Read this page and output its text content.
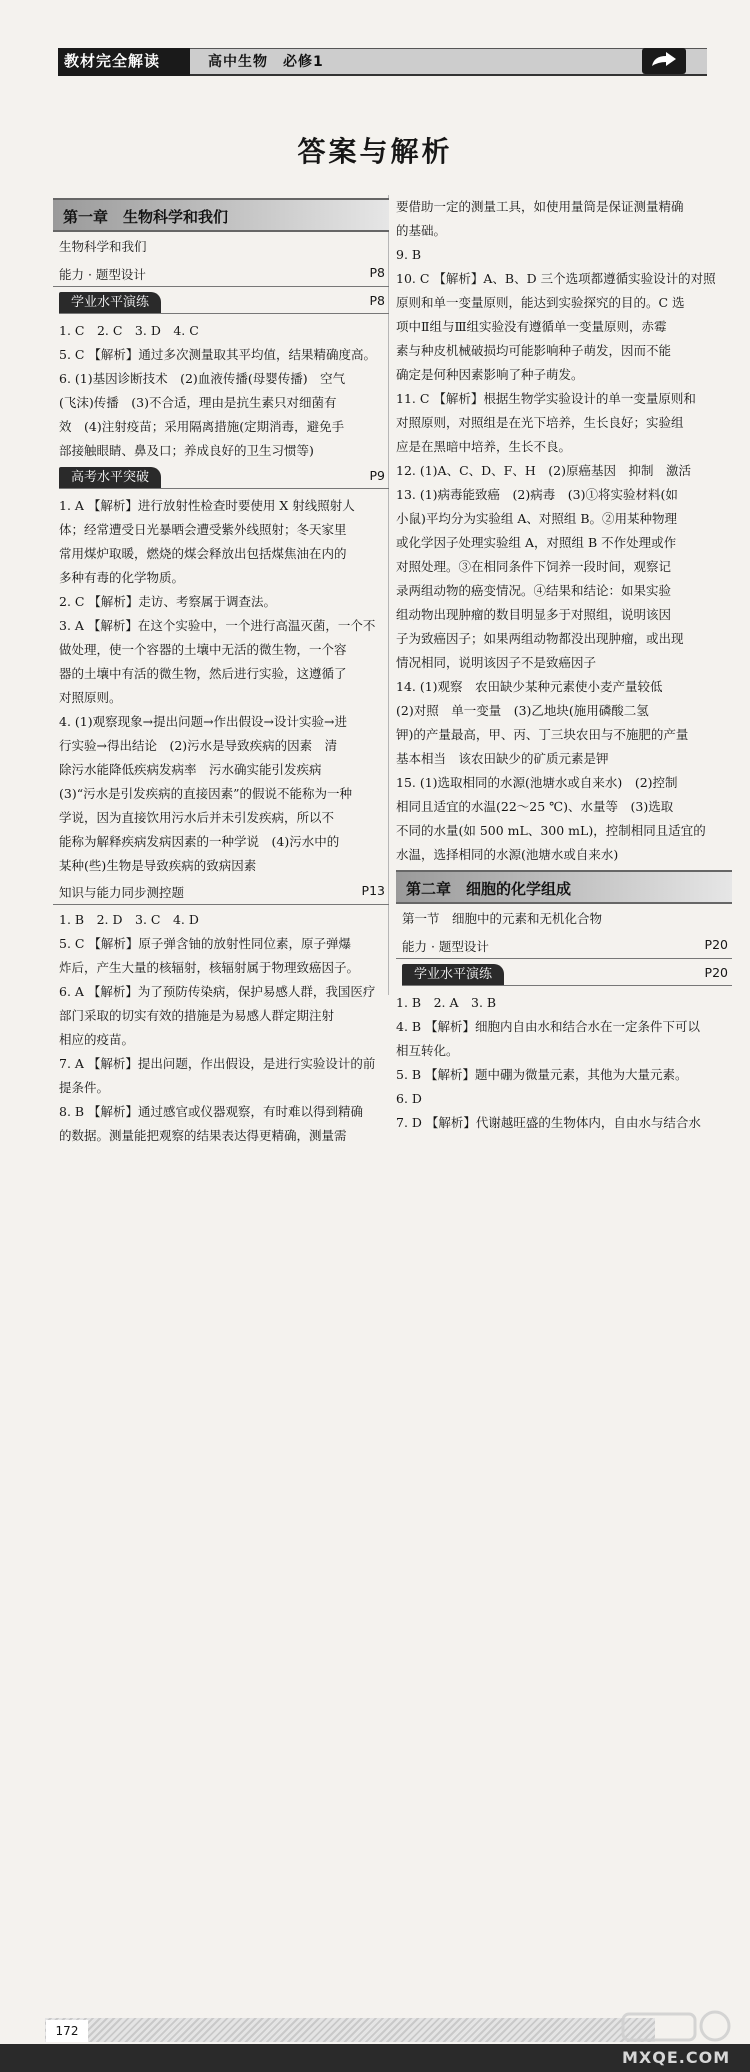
教材完全解读	高中生物　必修1
答案与解析
第一章　生物科学和我们
生物科学和我们
能力 · 题型设计	P8
学业水平演练	P8

1. C　2. C　3. D　4. C

5. C 【解析】通过多次测量取其平均值，结果精确度高。

6. (1)基因诊断技术　(2)血液传播(母婴传播)　空气

(飞沫)传播　(3)不合适，理由是抗生素只对细菌有

效　(4)注射疫苗；采用隔离措施(定期消毒，避免手

部接触眼睛、鼻及口；养成良好的卫生习惯等)

高考水平突破	P9

1. A 【解析】进行放射性检查时要使用 X 射线照射人

体；经常遭受日光暴晒会遭受紫外线照射；冬天家里

常用煤炉取暖，燃烧的煤会释放出包括煤焦油在内的

多种有毒的化学物质。

2. C 【解析】走访、考察属于调查法。

3. A 【解析】在这个实验中，一个进行高温灭菌，一个不

做处理，使一个容器的土壤中无活的微生物，一个容

器的土壤中有活的微生物，然后进行实验，这遵循了

对照原则。

4. (1)观察现象→提出问题→作出假设→设计实验→进

行实验→得出结论　(2)污水是导致疾病的因素　清

除污水能降低疾病发病率　污水确实能引发疾病

(3)“污水是引发疾病的直接因素”的假说不能称为一种

学说，因为直接饮用污水后并未引发疾病，所以不

能称为解释疾病发病因素的一种学说　(4)污水中的

某种(些)生物是导致疾病的致病因素

知识与能力同步测控题	P13

1. B　2. D　3. C　4. D

5. C 【解析】原子弹含铀的放射性同位素，原子弹爆

炸后，产生大量的核辐射，核辐射属于物理致癌因子。

6. A 【解析】为了预防传染病，保护易感人群，我国医疗

部门采取的切实有效的措施是为易感人群定期注射

相应的疫苗。

7. A 【解析】提出问题，作出假设，是进行实验设计的前

提条件。

8. B 【解析】通过感官或仪器观察，有时难以得到精确

的数据。测量能把观察的结果表达得更精确，测量需

要借助一定的测量工具，如使用量筒是保证测量精确

的基础。

9. B

10. C 【解析】A、B、D 三个选项都遵循实验设计的对照

原则和单一变量原则，能达到实验探究的目的。C 选

项中Ⅱ组与Ⅲ组实验没有遵循单一变量原则，赤霉

素与种皮机械破损均可能影响种子萌发，因而不能

确定是何种因素影响了种子萌发。

11. C 【解析】根据生物学实验设计的单一变量原则和

对照原则，对照组是在光下培养，生长良好；实验组

应是在黑暗中培养，生长不良。

12. (1)A、C、D、F、H　(2)原癌基因　抑制　激活

13. (1)病毒能致癌　(2)病毒　(3)①将实验材料(如

小鼠)平均分为实验组 A、对照组 B。②用某种物理

或化学因子处理实验组 A，对照组 B 不作处理或作

对照处理。③在相同条件下饲养一段时间，观察记

录两组动物的癌变情况。④结果和结论：如果实验

组动物出现肿瘤的数目明显多于对照组，说明该因

子为致癌因子；如果两组动物都没出现肿瘤，或出现

情况相同，说明该因子不是致癌因子

14. (1)观察　农田缺少某种元素使小麦产量较低

(2)对照　单一变量　(3)乙地块(施用磷酸二氢

钾)的产量最高，甲、丙、丁三块农田与不施肥的产量

基本相当　该农田缺少的矿质元素是钾

15. (1)选取相同的水源(池塘水或自来水)　(2)控制

相同且适宜的水温(22～25 ℃)、水量等　(3)选取

不同的水量(如 500 mL、300 mL)，控制相同且适宜的

水温，选择相同的水源(池塘水或自来水)

第二章　细胞的化学组成
第一节　细胞中的元素和无机化合物
能力 · 题型设计	P20
学业水平演练	P20

1. B　2. A　3. B

4. B 【解析】细胞内自由水和结合水在一定条件下可以

相互转化。

5. B 【解析】题中硼为微量元素，其他为大量元素。

6. D

7. D 【解析】代谢越旺盛的生物体内，自由水与结合水

172
MXQE.COM
